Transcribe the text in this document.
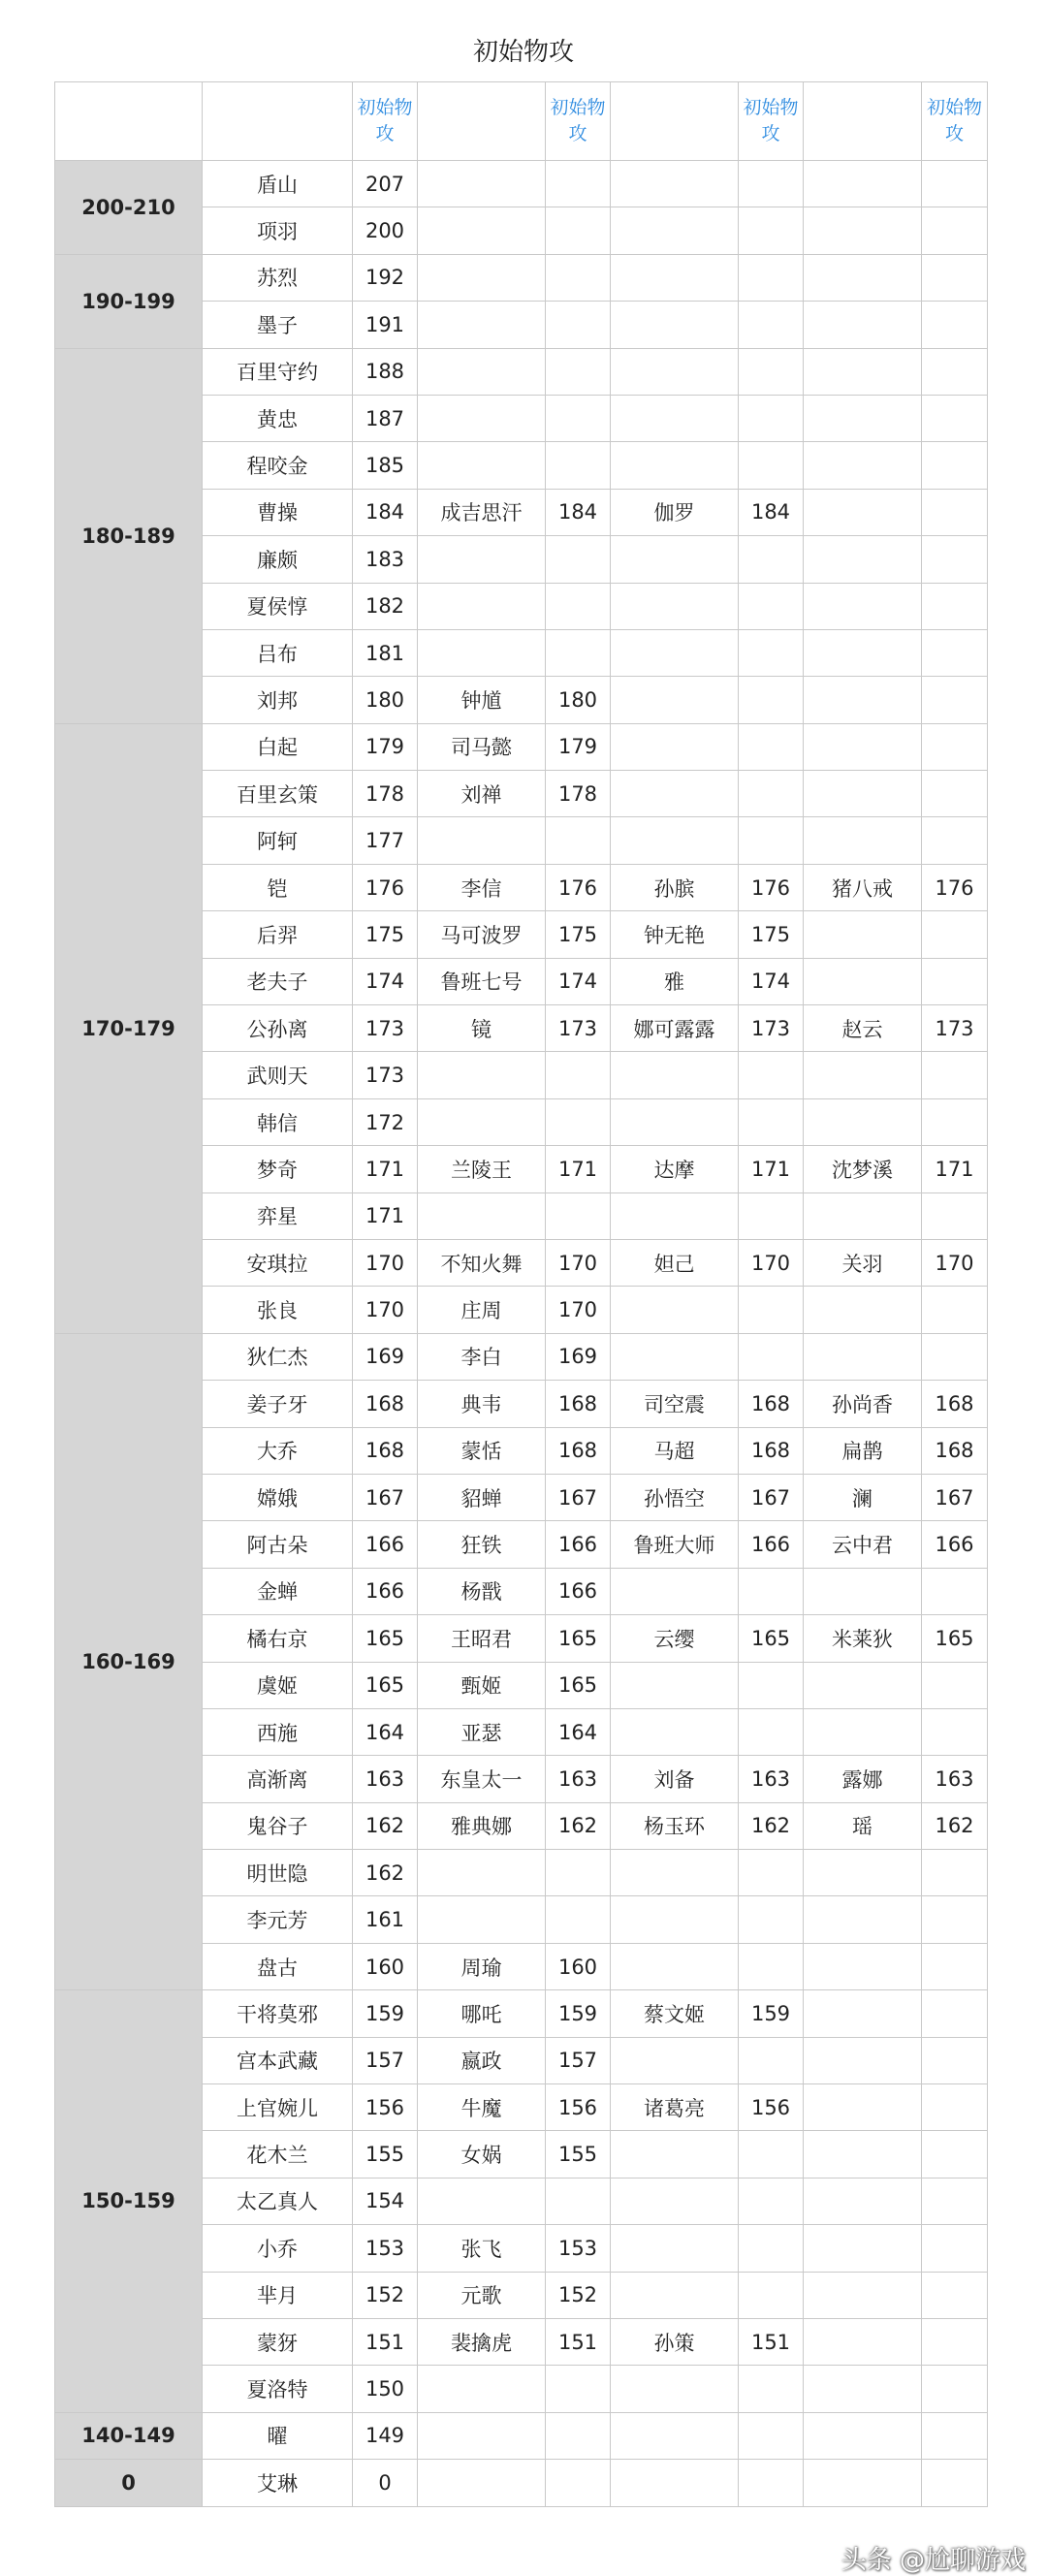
初始物攻
		初始物攻		初始物攻		初始物攻		初始物攻
200-210	盾山	207						
	项羽	200						
190-199	苏烈	192						
	墨子	191						
180-189	百里守约	188						
	黄忠	187						
	程咬金	185						
	曹操	184	成吉思汗	184	伽罗	184		
	廉颇	183						
	夏侯惇	182						
	吕布	181						
	刘邦	180	钟馗	180				
170-179	白起	179	司马懿	179				
	百里玄策	178	刘禅	178				
	阿轲	177						
	铠	176	李信	176	孙膑	176	猪八戒	176
	后羿	175	马可波罗	175	钟无艳	175		
	老夫子	174	鲁班七号	174	雅	174		
	公孙离	173	镜	173	娜可露露	173	赵云	173
	武则天	173						
	韩信	172						
	梦奇	171	兰陵王	171	达摩	171	沈梦溪	171
	弈星	171						
	安琪拉	170	不知火舞	170	妲己	170	关羽	170
	张良	170	庄周	170				
160-169	狄仁杰	169	李白	169				
	姜子牙	168	典韦	168	司空震	168	孙尚香	168
	大乔	168	蒙恬	168	马超	168	扁鹊	168
	嫦娥	167	貂蝉	167	孙悟空	167	澜	167
	阿古朵	166	狂铁	166	鲁班大师	166	云中君	166
	金蝉	166	杨戬	166				
	橘右京	165	王昭君	165	云缨	165	米莱狄	165
	虞姬	165	甄姬	165				
	西施	164	亚瑟	164				
	高渐离	163	东皇太一	163	刘备	163	露娜	163
	鬼谷子	162	雅典娜	162	杨玉环	162	瑶	162
	明世隐	162						
	李元芳	161						
	盘古	160	周瑜	160				
150-159	干将莫邪	159	哪吒	159	蔡文姬	159		
	宫本武藏	157	嬴政	157				
	上官婉儿	156	牛魔	156	诸葛亮	156		
	花木兰	155	女娲	155				
	太乙真人	154						
	小乔	153	张飞	153				
	芈月	152	元歌	152				
	蒙犽	151	裴擒虎	151	孙策	151		
	夏洛特	150						
140-149	曜	149						
0	艾琳	0						
头条 @尬聊游戏
